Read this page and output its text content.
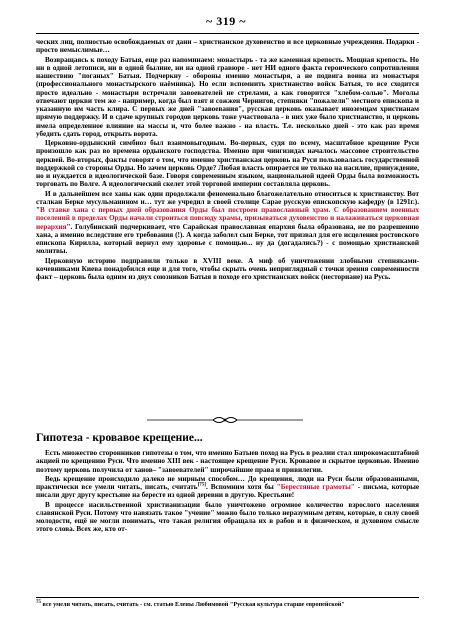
~ 319 ~

ческих лиц, полностью освобождаемых от дани – христианское духовенство и все церковные учреждения. Подарки - просто немыслимые…

Возвращаясь к походу Батыя, еще раз напоминаем: монастырь - та же каменная крепость. Мощная крепость. Но ни в одной летописи, ни в одной былине, ни на одной гравюре - нет НИ одного факта героического сопротивления нашествию "поганых" Батыя. Подчеркну - обороны именно монастыря, а не подвига воина из монастыря (профессионального монастырского наёмника). Но если вспомнить христианство войск Батыя, то все сходится просто идеально - монастыри встречали завоевателей не стрелами, а как говорится "хлебом-солью". Моголы отвечают церкви тем же - например, когда был взят и сожжен Чернигов, степняки "пожалели" местного епископа и указанную им часть клира. С первых же дней "завоевания", русская церковь оказывает иноземцам христианам прямую поддержку. И в сдаче крупных городов церковь тоже участвовала - в них уже было христианство, и церковь имела определенное влияние на массы и, что более важно - на власть. Т.е. несколько дней - это как раз время убедить сдать город, открыть ворота.

Церковно-ордынский симбиоз был взаимовыгодным. Во-первых, судя по всему, масштабное крещение Руси произошло как раз во времена ордынского господства. Именно при чингизидах началось массовое строительство церквей. Во-вторых, факты говорят о том, что именно христианская церковь на Руси пользовалась государственной поддержкой со стороны Орды. Но зачем церковь Орде? Любая власть опирается не только на насилие, принуждение, но и нуждается в идеологической базе. Говоря современным языком, национальной идеей Орды была возможность торговать по Волге. А идеологический скелет этой торговой империи составляла церковь.

И в дальнейшем все ханы как один продолжали феноменально благожелательно относиться к христианству. Вот сталкан Берке мусульманином и… тут же учредил в своей столице Сарае русскую епископскую кафедру (в 1291г.). "В ставке хана с первых дней образования Орды был построен православный храм. С образованием военных поселений в пределах Орды начали строиться повсюду храмы, призываться духовенство и налаживаться церковная иерархия". Голубинский подчеркивает, что Сарайская православная епархия была образована, не по разрешению хана, а именно вследствие его требования (!). А когда заболел сын Берке, тот призвал для его исцеления ростовского епископа Кирилла, который вернул ему здоровье с помощью... ну да (догадались?) - с помощью христианской молитвы.

Церковную историю подправили только в XVIII веке. А миф об уничтожении злобными степняками-кочевниками Киева понадобился еще и для того, чтобы скрыть очень неприглядный с точки зрения современности факт – церковь была одним из двух союзников Батыя в походе его христианских войск (несториане) на Русь.

Гипотеза - кровавое крещение...

Есть множество сторонников гипотезы о том, что именно Батыев поход на Русь в реалии стал широкомасштабной акцией по крещению Руси. Что именно XIII век - настоящее крещение Руси. Кровавое и скрытое церковью. Именно поэтому церковь получила от ханов– "завоевателей" широчайшие права и привилегии.

Ведь крещение происходило далеко не мирным способом… До крещения, люди на Руси были образованными, практически все умели читать, писать, считать[75]. Вспомним хотя бы "Берестяные грамоты" - письма, которые писали друг другу крестьяне на бересте из одной деревни в другую. Крестьяне!

В процессе насильственной христианизации было уничтожено огромное количество взрослого населения славянской Руси. Потому что навязать такое "учение" можно было только неразумным детям, которые, в силу своей молодости, ещё не могли понимать, что такая религия обращала их в рабов и в физическом, и духовном смысле этого слова. Всех же, кто от-

$^{75}$ все умели читать, писать, считать - см. статью Елены Любимовой "Русская культура старше европейской"
